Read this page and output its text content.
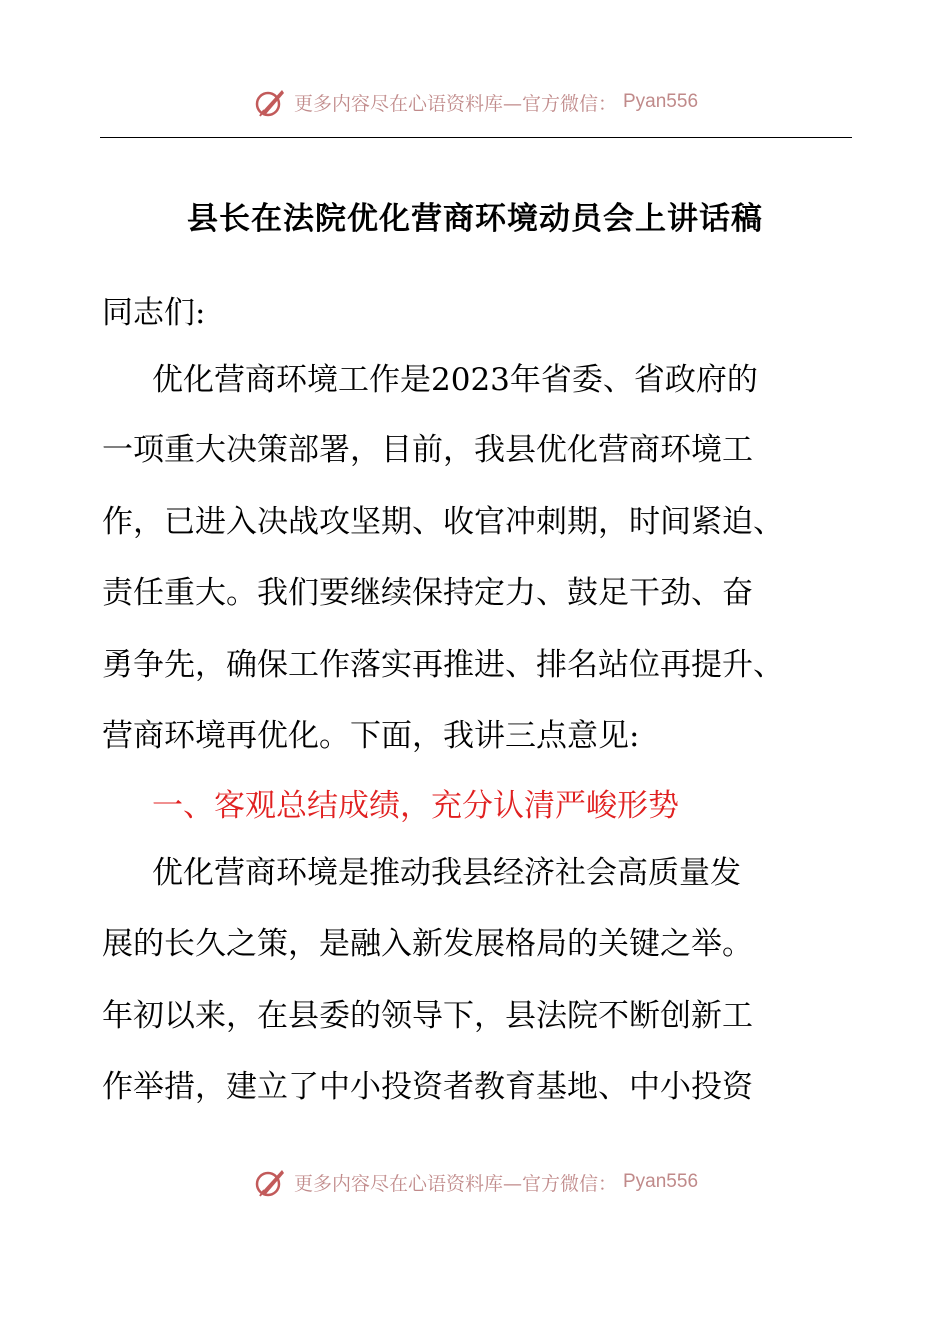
更多内容尽在心语资料库—官方微信： Pyan556
县长在法院优化营商环境动员会上讲话稿

同志们:

优化营商环境工作是2023年省委、省政府的

一项重大决策部署，目前，我县优化营商环境工

作，已进入决战攻坚期、收官冲刺期，时间紧迫、

责任重大。我们要继续保持定力、鼓足干劲、奋

勇争先，确保工作落实再推进、排名站位再提升、

营商环境再优化。下面，我讲三点意见:

一、客观总结成绩，充分认清严峻形势

优化营商环境是推动我县经济社会高质量发

展的长久之策，是融入新发展格局的关键之举。

年初以来，在县委的领导下，县法院不断创新工

作举措，建立了中小投资者教育基地、中小投资

更多内容尽在心语资料库—官方微信： Pyan556
